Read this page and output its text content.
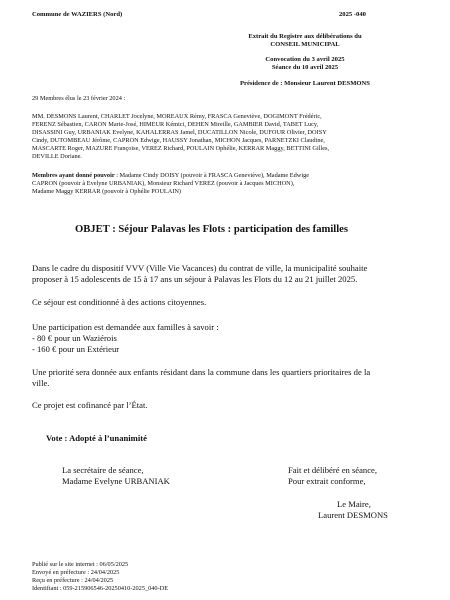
Commune de WAZIERS (Nord)	2025 -040
Extrait du Registre aux délibérations du
CONSEIL MUNICIPAL
Convocation du 3 avril 2025
Séance du 10 avril 2025
Présidence de : Monsieur Laurent DESMONS
29 Membres élus le 23 février 2024 :
MM. DESMONS Laurent, CHARLET Jocelyne, MOREAUX Rémy, FRASCA Geneviève, DOGIMONT Frédéric,
FERENZ Sébastien, CARON Marie-José, HIMEUR Kémici, DEHEN Mireille, GAMBIER David, TABET Lucy,
DISASSINI Guy, URBANIAK Evelyne, KAHALERRAS Jamel, DUCATILLON Nicole, DUFOUR Olivier, DOISY
Cindy, DUTOMBEAU Jérôme, CAPRON Edwige, HAUSSY Jonathan, MICHON Jacques, PARNETZKI Claudine,
MASCARTE Roger, MAZURE Françoise, VEREZ Richard, POULAIN Ophélie, KERRAR Maggy, BETTINI Gilles,
DEVILLE Doriane.
Membres ayant donné pouvoir : Madame Cindy DOISY (pouvoir à FRASCA Geneviève), Madame Edwige
CAPRON (pouvoir à Evelyne URBANIAK), Monsieur Richard VEREZ (pouvoir à Jacques MICHON),
Madame Maggy KERRAR (pouvoir à Ophélie POULAIN)
OBJET : Séjour Palavas les Flots : participation des familles
Dans le cadre du dispositif VVV (Ville Vie Vacances) du contrat de ville, la municipalité souhaite
proposer à 15 adolescents de 15 à 17 ans un séjour à Palavas les Flots du 12 au 21 juillet 2025.
Ce séjour est conditionné à des actions citoyennes.
Une participation est demandée aux familles à savoir :
- 80 € pour un Waziérois
- 160 € pour un Extérieur
Une priorité sera donnée aux enfants résidant dans la commune dans les quartiers prioritaires de la
ville.
Ce projet est cofinancé par l’État.
Vote : Adopté à l’unanimité
La secrétaire de séance,
Madame Evelyne URBANIAK
Fait et délibéré en séance,
Pour extrait conforme,
Le Maire,
Laurent DESMONS
Publié sur le site internet : 06/05/2025
Envoyé en préfecture : 24/04/2025
Reçu en préfecture : 24/04/2025
Identifiant : 059-215906546-20250410-2025_040-DE
